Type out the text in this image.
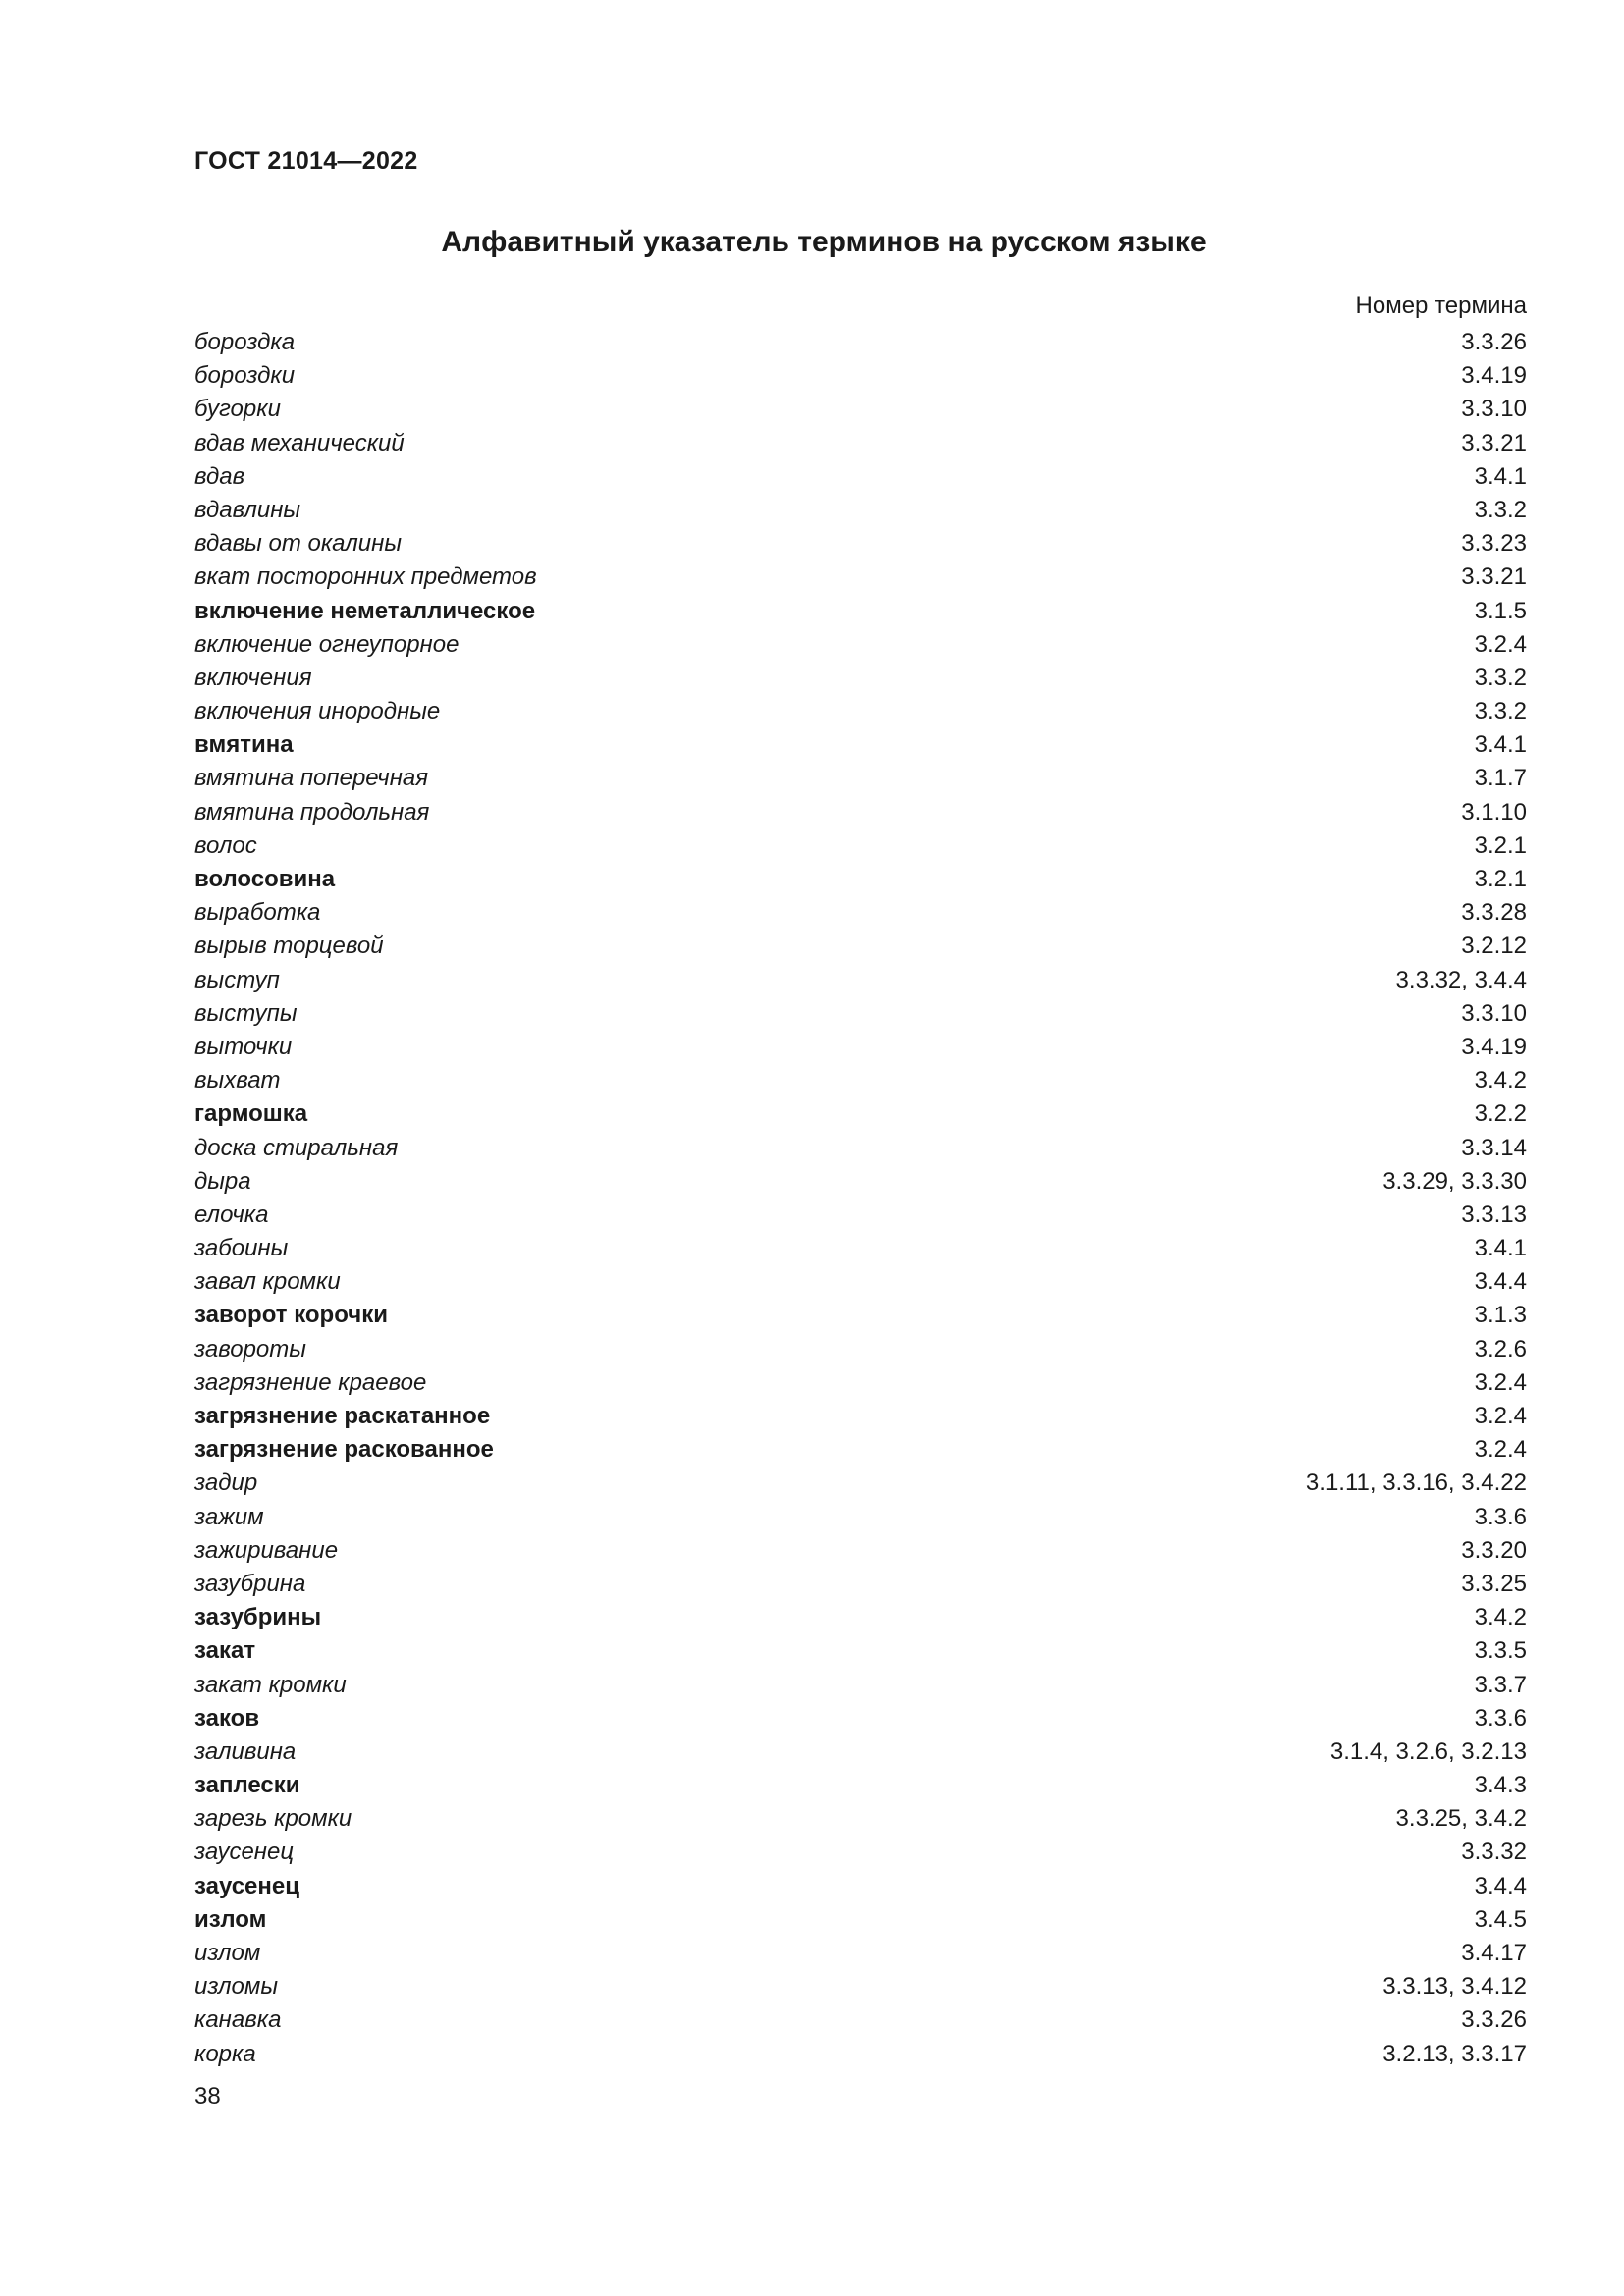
ГОСТ 21014—2022
Алфавитный указатель терминов на русском языке
Номер термина
бороздка	3.3.26
бороздки	3.4.19
бугорки	3.3.10
вдав механический	3.3.21
вдав	3.4.1
вдавлины	3.3.2
вдавы от окалины	3.3.23
вкат посторонних предметов	3.3.21
включение неметаллическое	3.1.5
включение огнеупорное	3.2.4
включения	3.3.2
включения инородные	3.3.2
вмятина	3.4.1
вмятина поперечная	3.1.7
вмятина продольная	3.1.10
волос	3.2.1
волосовина	3.2.1
выработка	3.3.28
вырыв торцевой	3.2.12
выступ	3.3.32, 3.4.4
выступы	3.3.10
выточки	3.4.19
выхват	3.4.2
гармошка	3.2.2
доска стиральная	3.3.14
дыра	3.3.29, 3.3.30
елочка	3.3.13
забоины	3.4.1
завал кромки	3.4.4
заворот корочки	3.1.3
завороты	3.2.6
загрязнение краевое	3.2.4
загрязнение раскатанное	3.2.4
загрязнение раскованное	3.2.4
задир	3.1.11, 3.3.16, 3.4.22
зажим	3.3.6
зажиривание	3.3.20
зазубрина	3.3.25
зазубрины	3.4.2
закат	3.3.5
закат кромки	3.3.7
заков	3.3.6
заливина	3.1.4, 3.2.6, 3.2.13
заплески	3.4.3
зарезь кромки	3.3.25, 3.4.2
заусенец	3.3.32
заусенец	3.4.4
излом	3.4.5
излом	3.4.17
изломы	3.3.13, 3.4.12
канавка	3.3.26
корка	3.2.13, 3.3.17
38
